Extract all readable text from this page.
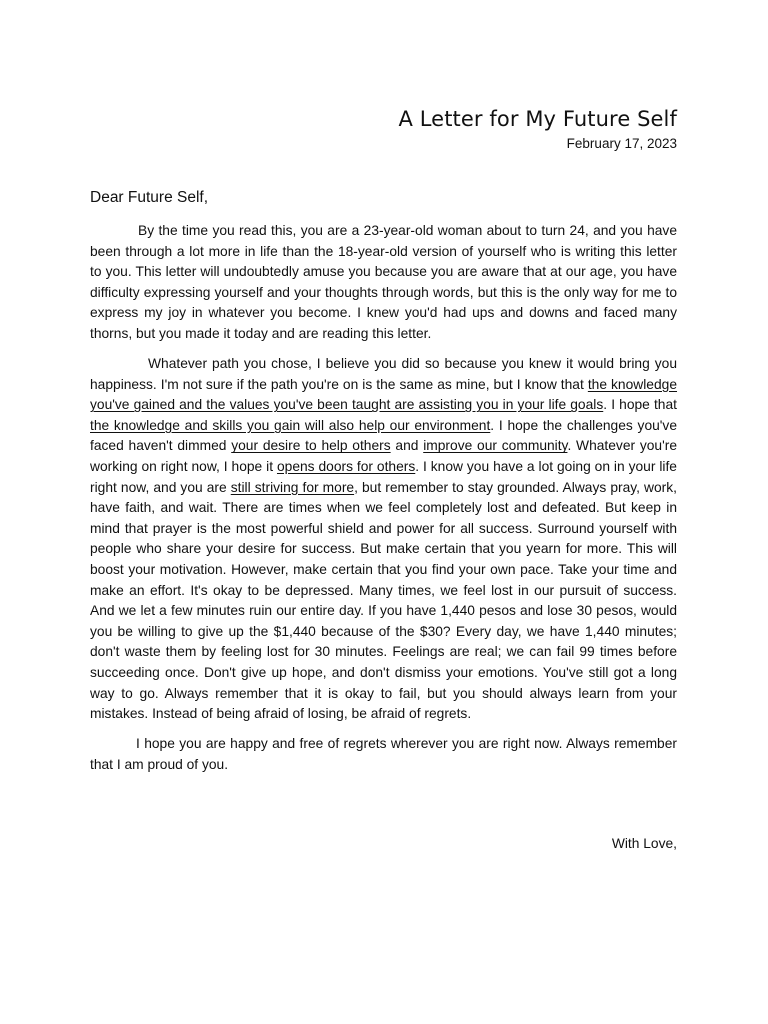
A Letter for My Future Self
February 17, 2023
Dear Future Self,

By the time you read this, you are a 23-year-old woman about to turn 24, and you have been through a lot more in life than the 18-year-old version of yourself who is writing this letter to you. This letter will undoubtedly amuse you because you are aware that at our age, you have difficulty expressing yourself and your thoughts through words, but this is the only way for me to express my joy in whatever you become. I knew you'd had ups and downs and faced many thorns, but you made it today and are reading this letter.

Whatever path you chose, I believe you did so because you knew it would bring you happiness. I'm not sure if the path you're on is the same as mine, but I know that the knowledge you've gained and the values you've been taught are assisting you in your life goals. I hope that the knowledge and skills you gain will also help our environment. I hope the challenges you've faced haven't dimmed your desire to help others and improve our community. Whatever you're working on right now, I hope it opens doors for others. I know you have a lot going on in your life right now, and you are still striving for more, but remember to stay grounded. Always pray, work, have faith, and wait. There are times when we feel completely lost and defeated. But keep in mind that prayer is the most powerful shield and power for all success. Surround yourself with people who share your desire for success. But make certain that you yearn for more. This will boost your motivation. However, make certain that you find your own pace. Take your time and make an effort. It's okay to be depressed. Many times, we feel lost in our pursuit of success. And we let a few minutes ruin our entire day. If you have 1,440 pesos and lose 30 pesos, would you be willing to give up the $1,440 because of the $30? Every day, we have 1,440 minutes; don't waste them by feeling lost for 30 minutes. Feelings are real; we can fail 99 times before succeeding once. Don't give up hope, and don't dismiss your emotions. You've still got a long way to go. Always remember that it is okay to fail, but you should always learn from your mistakes. Instead of being afraid of losing, be afraid of regrets.

I hope you are happy and free of regrets wherever you are right now. Always remember that I am proud of you.

With Love,
